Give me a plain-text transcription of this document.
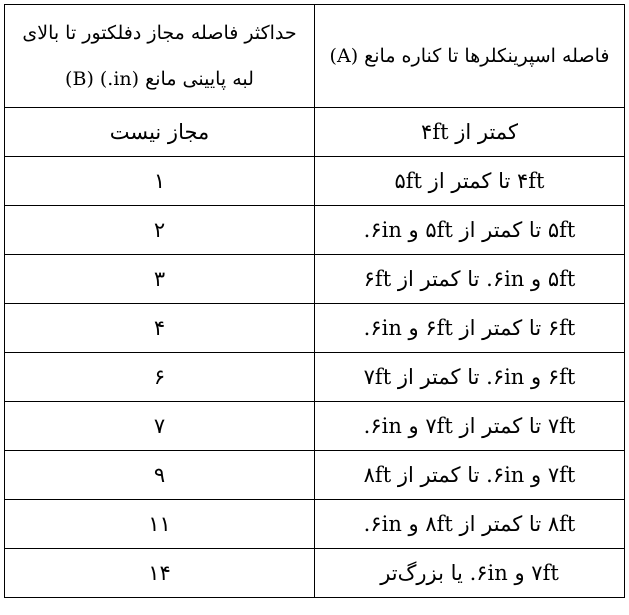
فاصله اسپرینکلرها تا کناره مانع (A)	حداکثر فاصله مجاز دفلکتور تا بالای لبه پایینی مانع (in.) (B)
کمتر از ۴ft	مجاز نیست
۴ft تا کمتر از ۵ft	۱
۵ft تا کمتر از ۵ft و ۶in.	۲
۵ft و ۶in. تا کمتر از ۶ft	۳
۶ft تا کمتر از ۶ft و ۶in.	۴
۶ft و ۶in. تا کمتر از ۷ft	۶
۷ft تا کمتر از ۷ft و ۶in.	۷
۷ft و ۶in. تا کمتر از ۸ft	۹
۸ft تا کمتر از ۸ft و ۶in.	۱۱
۷ft و ۶in. یا بزرگ‌تر	۱۴
